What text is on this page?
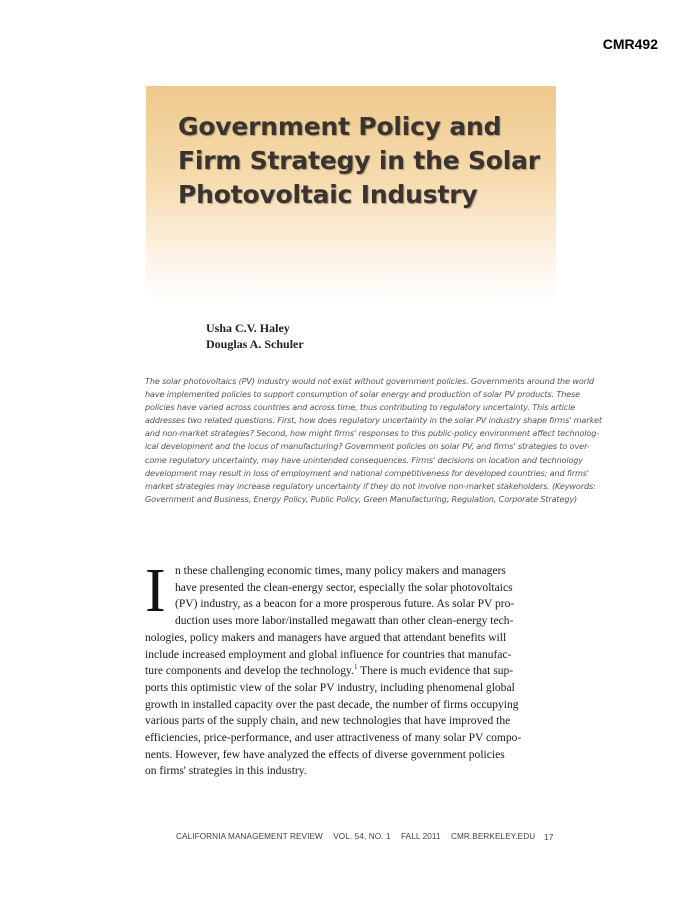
CMR492
Government Policy and
Firm Strategy in the Solar
Photovoltaic Industry
Usha C.V. Haley
Douglas A. Schuler
The solar photovoltaics (PV) industry would not exist without government policies. Governments around the world
have implemented policies to support consumption of solar energy and production of solar PV products. These
policies have varied across countries and across time, thus contributing to regulatory uncertainty. This article
addresses two related questions. First, how does regulatory uncertainty in the solar PV industry shape firms' market
and non-market strategies? Second, how might firms' responses to this public-policy environment affect technolog-
ical development and the locus of manufacturing? Government policies on solar PV, and firms' strategies to over-
come regulatory uncertainty, may have unintended consequences. Firms' decisions on location and technology
development may result in loss of employment and national competitiveness for developed countries; and firms'
market strategies may increase regulatory uncertainty if they do not involve non-market stakeholders. (Keywords:
Government and Business, Energy Policy, Public Policy, Green Manufacturing, Regulation, Corporate Strategy)
I n these challenging economic times, many policy makers and managers
have presented the clean-energy sector, especially the solar photovoltaics
(PV) industry, as a beacon for a more prosperous future. As solar PV pro-
duction uses more labor/installed megawatt than other clean-energy tech-
nologies, policy makers and managers have argued that attendant benefits will
include increased employment and global influence for countries that manufac-
ture components and develop the technology.$^1$ There is much evidence that sup-
ports this optimistic view of the solar PV industry, including phenomenal global
growth in installed capacity over the past decade, the number of firms occupying
various parts of the supply chain, and new technologies that have improved the
efficiencies, price-performance, and user attractiveness of many solar PV compo-
nents. However, few have analyzed the effects of diverse government policies
on firms' strategies in this industry.
CALIFORNIA MANAGEMENT REVIEW VOL. 54, NO. 1 FALL 2011 CMR.BERKELEY.EDU	17
